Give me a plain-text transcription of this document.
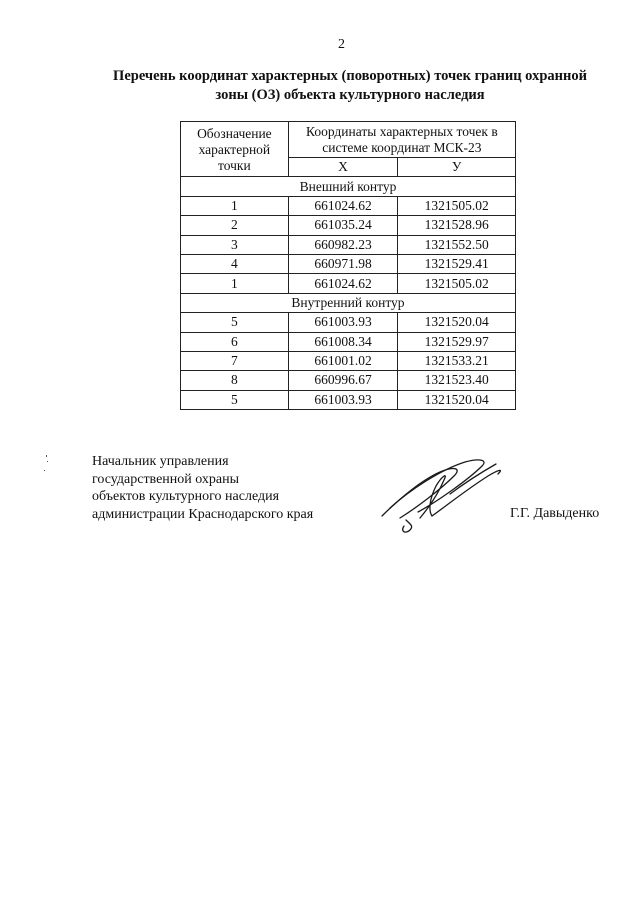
2
Перечень координат характерных (поворотных) точек границ охранной зоны (ОЗ) объекта культурного наследия
Обозначение характерной точки	Координаты характерных точек в системе координат МСК-23	
	Х	У
Внешний контур		
1	661024.62	1321505.02
2	661035.24	1321528.96
3	660982.23	1321552.50
4	660971.98	1321529.41
1	661024.62	1321505.02
Внутренний контур		
5	661003.93	1321520.04
6	661008.34	1321529.97
7	661001.02	1321533.21
8	660996.67	1321523.40
5	661003.93	1321520.04
Начальник управления
государственной охраны
объектов культурного наследия
администрации Краснодарского края	Г.Г. Давыденко
